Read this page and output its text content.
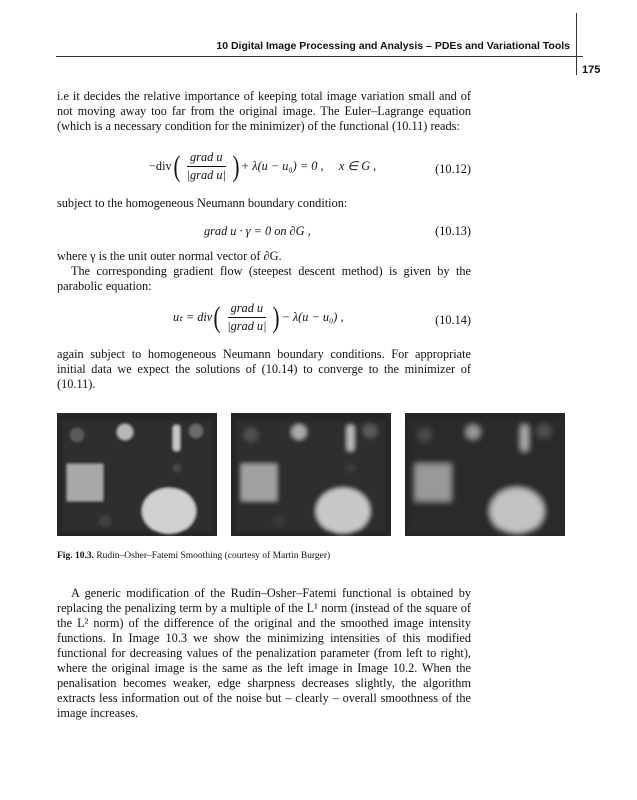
10 Digital Image Processing and Analysis – PDEs and Variational Tools
175
i.e it decides the relative importance of keeping total image variation small and of not moving away too far from the original image. The Euler–Lagrange equation (which is a necessary condition for the minimizer) of the functional (10.11) reads:
−div ( $\frac{\text{grad u}}{\text{|grad u|}}$ ) + λ(u − u₀) = 0 ,     x ∈ G ,	(10.12)
subject to the homogeneous Neumann boundary condition:
grad u · γ = 0 on ∂G ,	(10.13)
where γ is the unit outer normal vector of ∂G.
The corresponding gradient flow (steepest descent method) is given by the parabolic equation:
uₜ = div ( $\frac{\text{grad u}}{\text{|grad u|}}$ ) − λ(u − u₀) ,	(10.14)
again subject to homogeneous Neumann boundary conditions. For appropriate initial data we expect the solutions of (10.14) to converge to the minimizer of (10.11).
Fig. 10.3. Rudin–Osher–Fatemi Smoothing (courtesy of Martin Burger)
A generic modification of the Rudin–Osher–Fatemi functional is obtained by replacing the penalizing term by a multiple of the L¹ norm (instead of the square of the L² norm) of the difference of the original and the smoothed image intensity functions. In Image 10.3 we show the minimizing intensities of this modified functional for decreasing values of the penalization parameter (from left to right), where the original image is the same as the left image in Image 10.2. When the penalisation becomes weaker, edge sharpness decreases slightly, the algorithm extracts less information out of the noise but – clearly – overall smoothness of the image increases.
